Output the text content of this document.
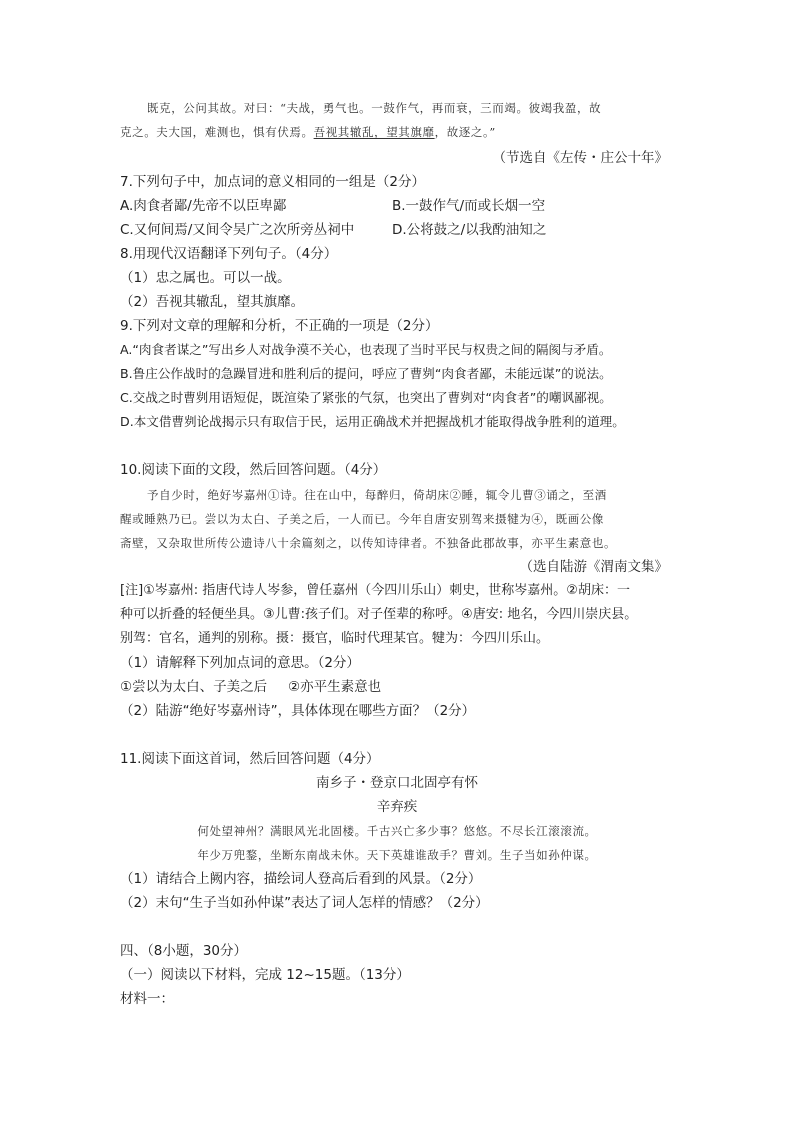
既克，公问其故。对曰：“夫战，勇气也。一鼓作气，再而衰，三而竭。彼竭我盈，故
克之。夫大国，难测也，惧有伏焉。吾视其辙乱，望其旗靡，故逐之。”
（节选自《左传・庄公十年》
7.下列句子中，加点词的意义相同的一组是（2分）
A.肉食者鄙/先帝不以臣卑鄙	B.一鼓作气/而或长烟一空
C.又何间焉/又间令吴广之次所旁丛祠中	D.公将鼓之/以我酌油知之
8.用现代汉语翻译下列句子。（4分）
（1）忠之属也。可以一战。
（2）吾视其辙乱，望其旗靡。
9.下列对文章的理解和分析，不正确的一项是（2分）
A.“肉食者谋之”写出乡人对战争漠不关心，也表现了当时平民与权贵之间的隔阂与矛盾。
B.鲁庄公作战时的急躁冒进和胜利后的提问，呼应了曹刿“肉食者鄙，未能远谋”的说法。
C.交战之时曹刿用语短促，既渲染了紧张的气氛，也突出了曹刿对“肉食者”的嘲讽鄙视。
D.本文借曹刿论战揭示只有取信于民，运用正确战术并把握战机才能取得战争胜利的道理。
10.阅读下面的文段，然后回答问题。（4分）
予自少时，绝好岑嘉州①诗。往在山中，每醉归，倚胡床②睡，辄令儿曹③诵之，至酒
醒或睡熟乃已。尝以为太白、子美之后，一人而已。今年自唐安别驾来摄犍为④，既画公像
斋壁，又杂取世所传公遗诗八十余篇刻之，以传知诗律者。不独备此郡故事，亦平生素意也。
（选自陆游《渭南文集》
[注]①岑嘉州: 指唐代诗人岑参，曾任嘉州（今四川乐山）刺史，世称岑嘉州。②胡床：一
种可以折叠的轻便坐具。③儿曹:孩子们。对子侄辈的称呼。④唐安: 地名，今四川崇庆县。
别驾：官名，通判的别称。摄：摄官，临时代理某官。犍为：今四川乐山。
（1）请解释下列加点词的意思。（2分）
①尝以为太白、子美之后 ②亦平生素意也
（2）陆游“绝好岑嘉州诗”，具体体现在哪些方面？（2分）
11.阅读下面这首词，然后回答问题（4分）
南乡子・登京口北固亭有怀
辛弃疾
何处望神州？满眼风光北固楼。千古兴亡多少事？悠悠。不尽长江滚滚流。
年少万兜鍪，坐断东南战未休。天下英雄谁敌手？曹刘。生子当如孙仲谋。
（1）请结合上阙内容，描绘词人登高后看到的风景。（2分）
（2）末句“生子当如孙仲谋”表达了词人怎样的情感？（2分）
四、（8小题，30分）
（一）阅读以下材料，完成 12~15题。（13分）
材料一：
